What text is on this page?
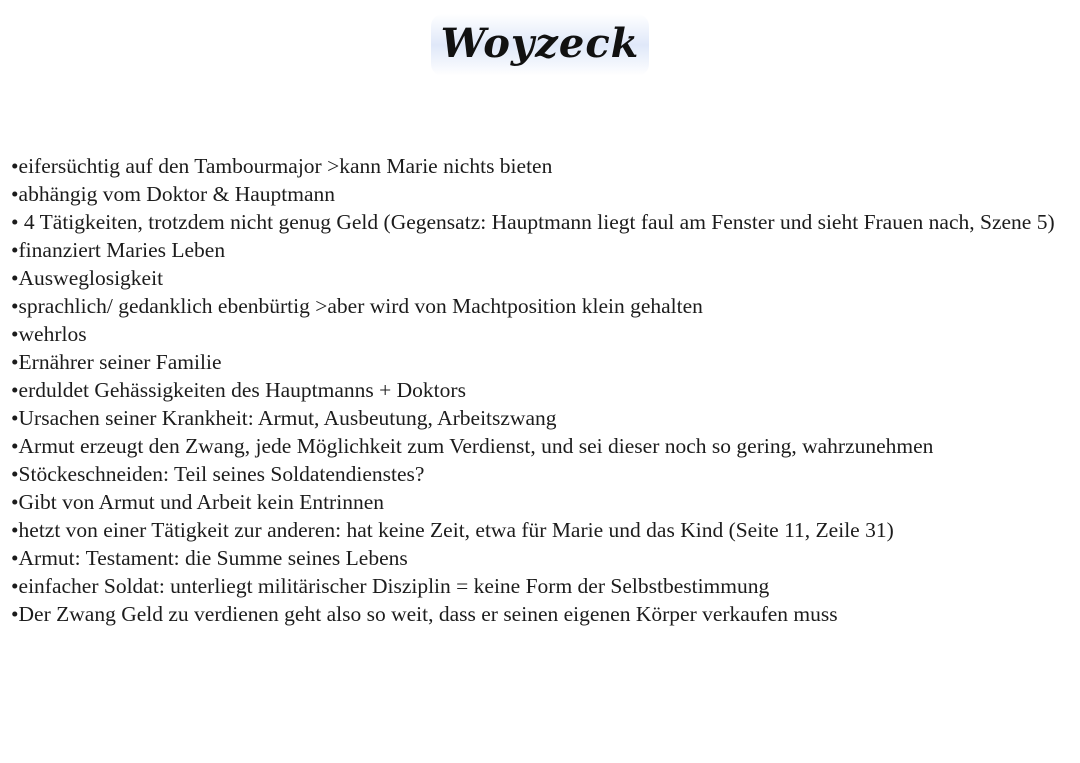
Woyzeck
•eifersüchtig auf den Tambourmajor >kann Marie nichts bieten
•abhängig vom Doktor & Hauptmann
• 4 Tätigkeiten, trotzdem nicht genug Geld (Gegensatz: Hauptmann liegt faul am Fenster und sieht Frauen nach, Szene 5)
•finanziert Maries Leben
•Ausweglosigkeit
•sprachlich/ gedanklich ebenbürtig >aber wird von Machtposition klein gehalten
•wehrlos
•Ernährer seiner Familie
•erduldet Gehässigkeiten des Hauptmanns + Doktors
•Ursachen seiner Krankheit: Armut, Ausbeutung, Arbeitszwang
•Armut erzeugt den Zwang, jede Möglichkeit zum Verdienst, und sei dieser noch so gering, wahrzunehmen
•Stöckeschneiden: Teil seines Soldatendienstes?
•Gibt von Armut und Arbeit kein Entrinnen
•hetzt von einer Tätigkeit zur anderen: hat keine Zeit, etwa für Marie und das Kind (Seite 11, Zeile 31)
•Armut: Testament: die Summe seines Lebens
•einfacher Soldat: unterliegt militärischer Disziplin = keine Form der Selbstbestimmung
•Der Zwang Geld zu verdienen geht also so weit, dass er seinen eigenen Körper verkaufen muss
